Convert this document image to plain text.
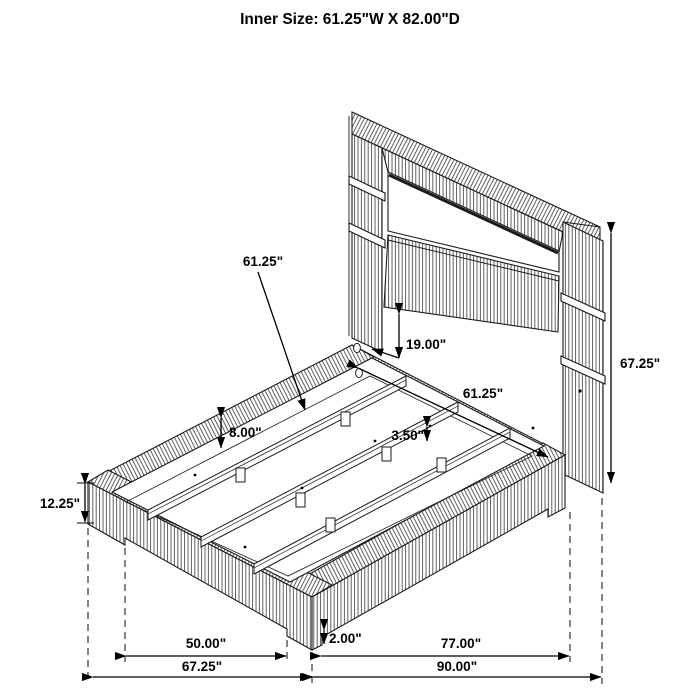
Inner Size: 61.25"W X 82.00"D
61.25"
19.00"
67.25"
61.25"
8.00"	3.50"
12.25"
2.00"
50.00"
67.25"
77.00"
90.00"
